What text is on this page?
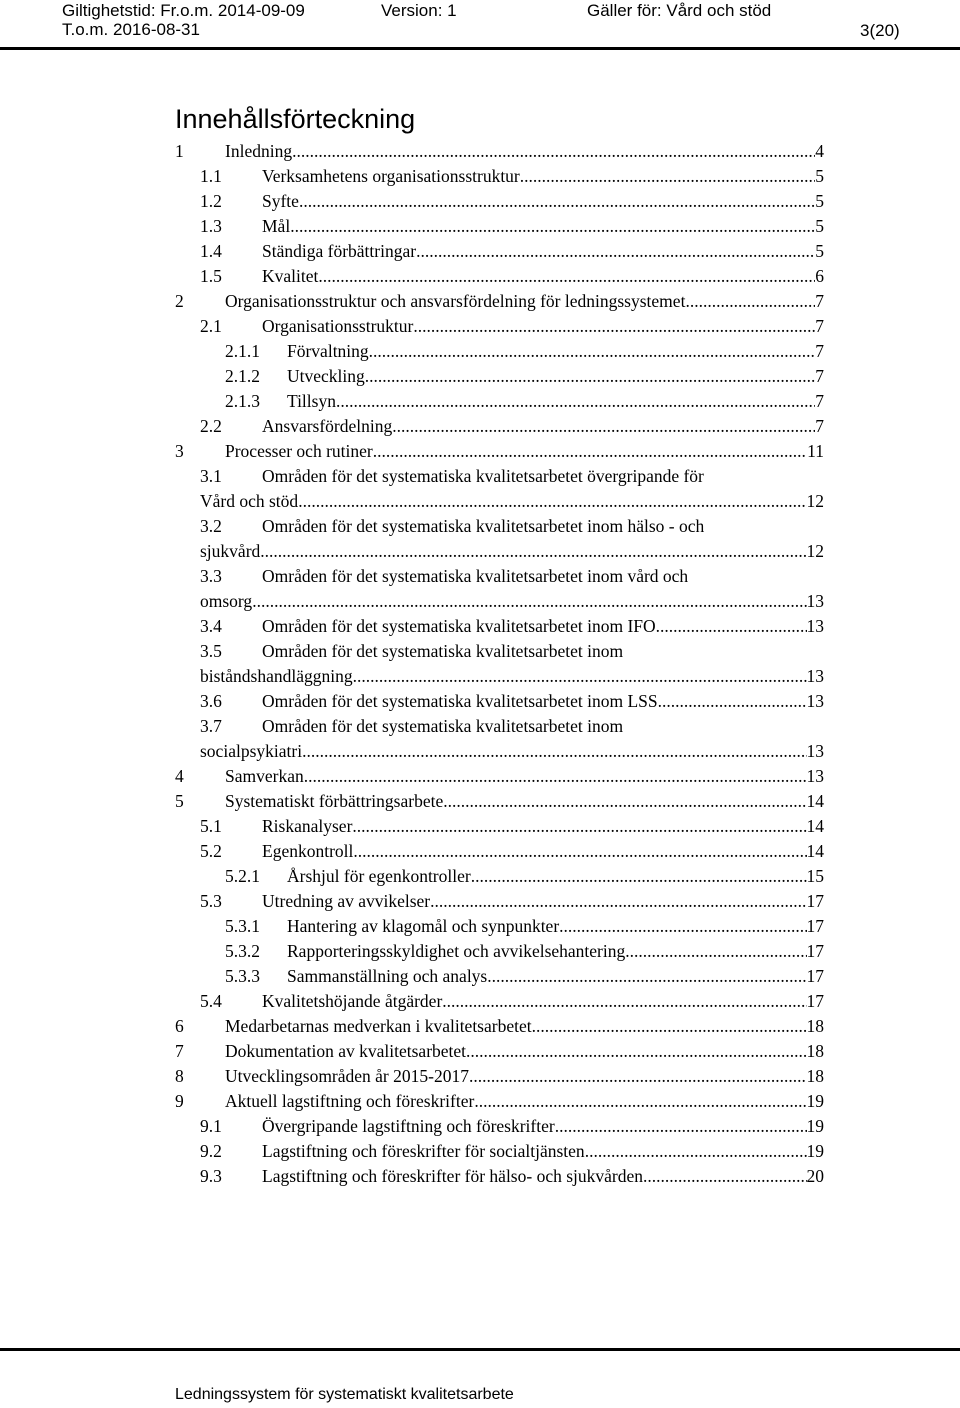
Giltighetstid: Fr.o.m. 2014-09-09
T.o.m. 2016-08-31
Version: 1	Gäller för: Vård och stöd
3(20)
Innehållsförteckning
1 Inledning .....	4
1.1 Verksamhetens organisationsstruktur .....	5
1.2 Syfte .....	5
1.3 Mål .....	5
1.4 Ständiga förbättringar .....	5
1.5 Kvalitet .....	6
2 Organisationsstruktur och ansvarsfördelning för ledningssystemet .....	7
2.1 Organisationsstruktur .....	7
2.1.1 Förvaltning .....	7
2.1.2 Utveckling .....	7
2.1.3 Tillsyn .....	7
2.2 Ansvarsfördelning .....	7
3 Processer och rutiner .....	11
3.1 Områden för det systematiska kvalitetsarbetet övergripande för
Vård och stöd .....	12
3.2 Områden för det systematiska kvalitetsarbetet inom hälso - och
sjukvård .....	12
3.3 Områden för det systematiska kvalitetsarbetet inom vård och
omsorg .....	13
3.4 Områden för det systematiska kvalitetsarbetet inom IFO .....	13
3.5 Områden för det systematiska kvalitetsarbetet inom
biståndshandläggning .....	13
3.6 Områden för det systematiska kvalitetsarbetet inom LSS .....	13
3.7 Områden för det systematiska kvalitetsarbetet inom
socialpsykiatri .....	13
4 Samverkan .....	13
5 Systematiskt förbättringsarbete .....	14
5.1 Riskanalyser .....	14
5.2 Egenkontroll .....	14
5.2.1 Årshjul för egenkontroller .....	15
5.3 Utredning av avvikelser .....	17
5.3.1 Hantering av klagomål och synpunkter .....	17
5.3.2 Rapporteringsskyldighet och avvikelsehantering .....	17
5.3.3 Sammanställning och analys .....	17
5.4 Kvalitetshöjande åtgärder .....	17
6 Medarbetarnas medverkan i kvalitetsarbetet .....	18
7 Dokumentation av kvalitetsarbetet .....	18
8 Utvecklingsområden år 2015-2017 .....	18
9 Aktuell lagstiftning och föreskrifter .....	19
9.1 Övergripande lagstiftning och föreskrifter .....	19
9.2 Lagstiftning och föreskrifter för socialtjänsten .....	19
9.3 Lagstiftning och föreskrifter för hälso- och sjukvården .....	20
Ledningssystem för systematiskt kvalitetsarbete
